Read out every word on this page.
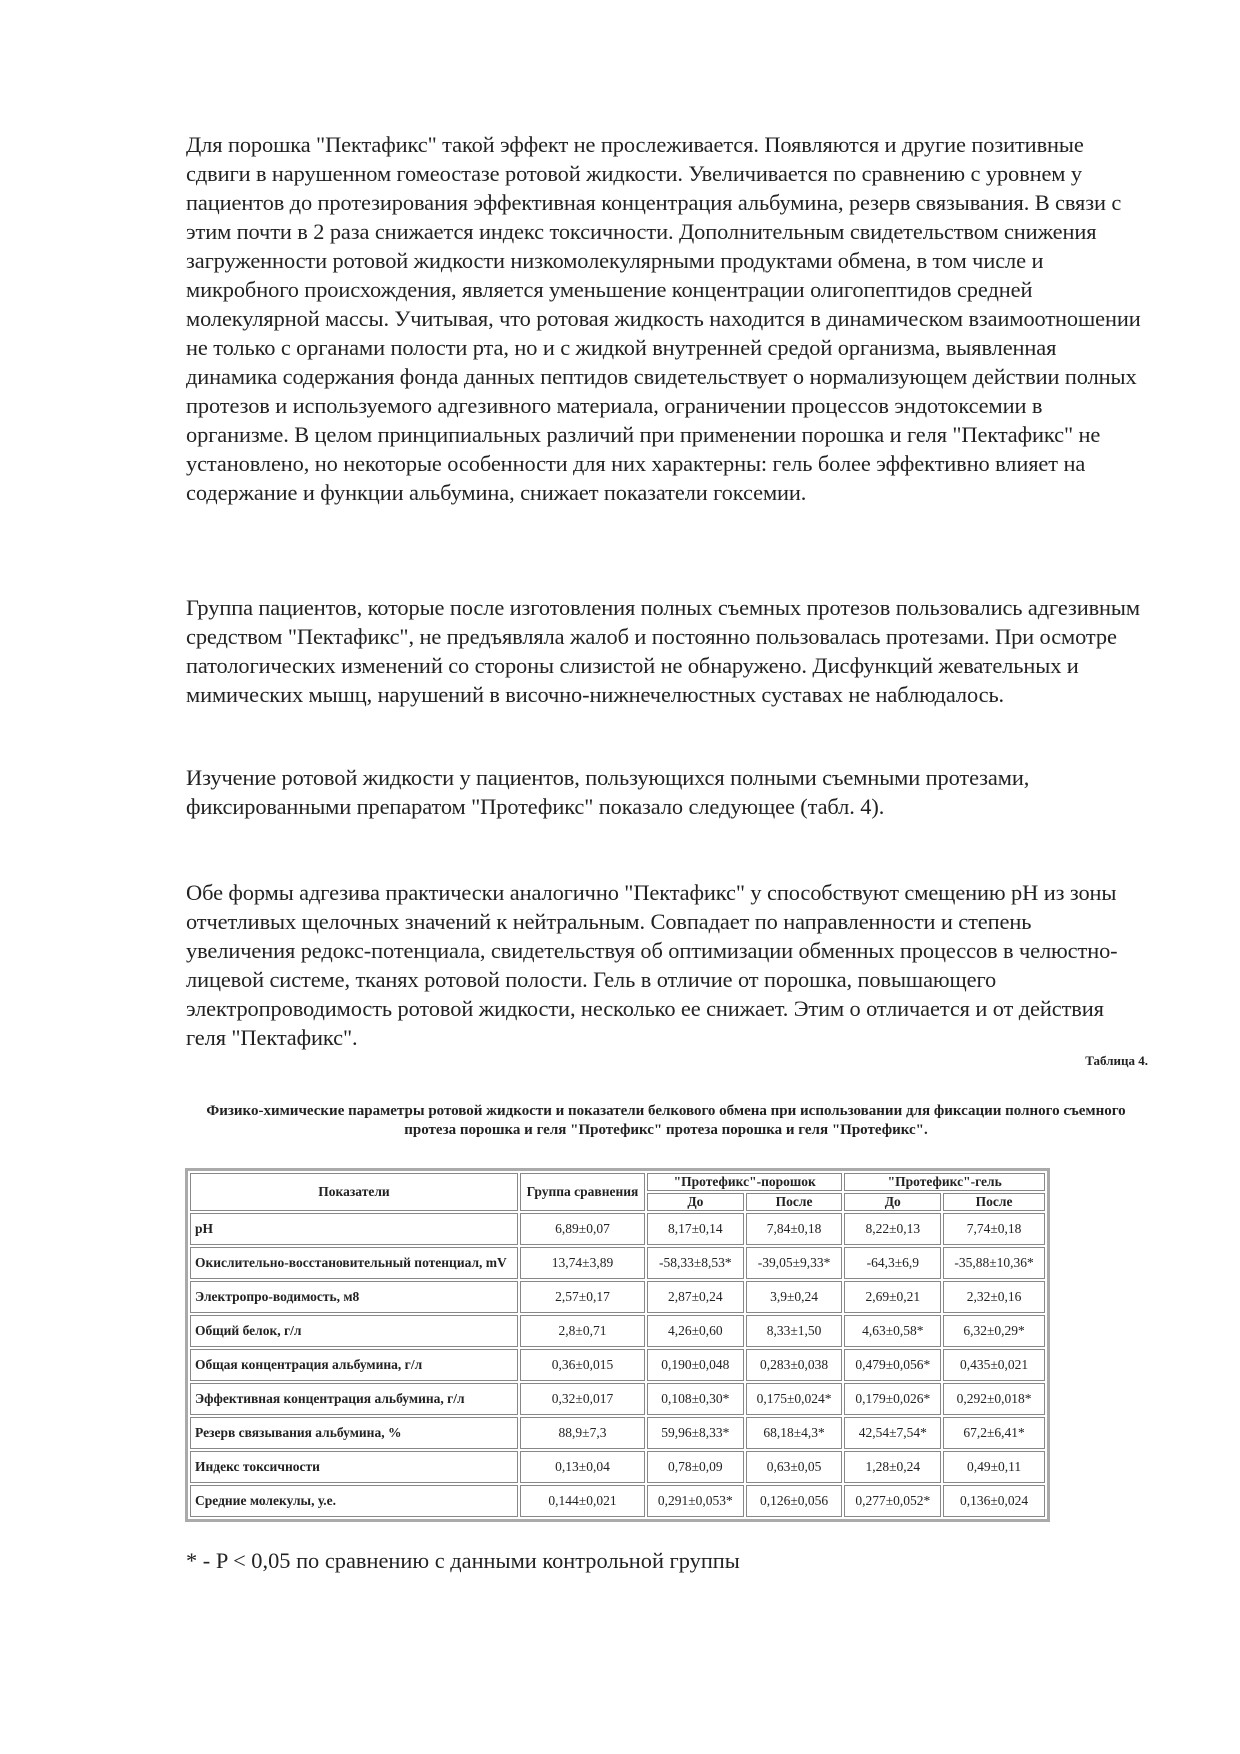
Для порошка "Пектафикс" такой эффект не прослеживается. Появляются и другие позитивные сдвиги в нарушенном гомеостазе ротовой жидкости. Увеличивается по сравнению с уровнем у пациентов до протезирования эффективная концентрация альбумина, резерв связывания. В связи с этим почти в 2 раза снижается индекс токсичности. Дополнительным свидетельством снижения загруженности ротовой жидкости низкомолекулярными продуктами обмена, в том числе и микробного происхождения, является уменьшение концентрации олигопептидов средней молекулярной массы. Учитывая, что ротовая жидкость находится в динамическом взаимоотношении не только с органами полости рта, но и с жидкой внутренней средой организма, выявленная динамика содержания фонда данных пептидов свидетельствует о нормализующем действии полных протезов и используемого адгезивного материала, ограничении процессов эндотоксемии в организме. В целом принципиальных различий при применении порошка и геля "Пектафикс" не установлено, но некоторые особенности для них характерны: гель более эффективно влияет на содержание и функции альбумина, снижает показатели гоксемии.

Группа пациентов, которые после изготовления полных съемных протезов пользовались адгезивным средством "Пектафикс", не предъявляла жалоб и постоянно пользовалась протезами. При осмотре патологических изменений со стороны слизистой не обнаружено. Дисфункций жевательных и мимических мышц, нарушений в височно-нижнечелюстных суставах не наблюдалось.

Изучение ротовой жидкости у пациентов, пользующихся полными съемными протезами, фиксированными препаратом "Протефикс" показало следующее (табл. 4).

Обе формы адгезива практически аналогично "Пектафикс" у способствуют смещению рН из зоны отчетливых щелочных значений к нейтральным. Совпадает по направленности и степень увеличения редокс-потенциала, свидетельствуя об оптимизации обменных процессов в челюстно-лицевой системе, тканях ротовой полости. Гель в отличие от порошка, повышающего электропроводимость ротовой жидкости, несколько ее снижает. Этим о отличается и от действия геля "Пектафикс".

Таблица 4.

Физико-химические параметры ротовой жидкости и показатели белкового обмена при использовании для фиксации полного съемного протеза порошка и геля "Протефикс" протеза порошка и геля "Протефикс".

Показатели	Группа сравнения	"Протефикс"-порошок		"Протефикс"-гель	
		До	После	До	После
рН	6,89±0,07	8,17±0,14	7,84±0,18	8,22±0,13	7,74±0,18
Окислительно-восстановительный потенциал, mV	13,74±3,89	-58,33±8,53*	-39,05±9,33*	-64,3±6,9	-35,88±10,36*
Электропро-водимость, м8	2,57±0,17	2,87±0,24	3,9±0,24	2,69±0,21	2,32±0,16
Общий белок, г/л	2,8±0,71	4,26±0,60	8,33±1,50	4,63±0,58*	6,32±0,29*
Общая концентрация альбумина, г/л	0,36±0,015	0,190±0,048	0,283±0,038	0,479±0,056*	0,435±0,021
Эффективная концентрация альбумина, г/л	0,32±0,017	0,108±0,30*	0,175±0,024*	0,179±0,026*	0,292±0,018*
Резерв связывания альбумина, %	88,9±7,3	59,96±8,33*	68,18±4,3*	42,54±7,54*	67,2±6,41*
Индекс токсичности	0,13±0,04	0,78±0,09	0,63±0,05	1,28±0,24	0,49±0,11
Средние молекулы, у.е.	0,144±0,021	0,291±0,053*	0,126±0,056	0,277±0,052*	0,136±0,024
* - P < 0,05 по сравнению с данными контрольной группы
